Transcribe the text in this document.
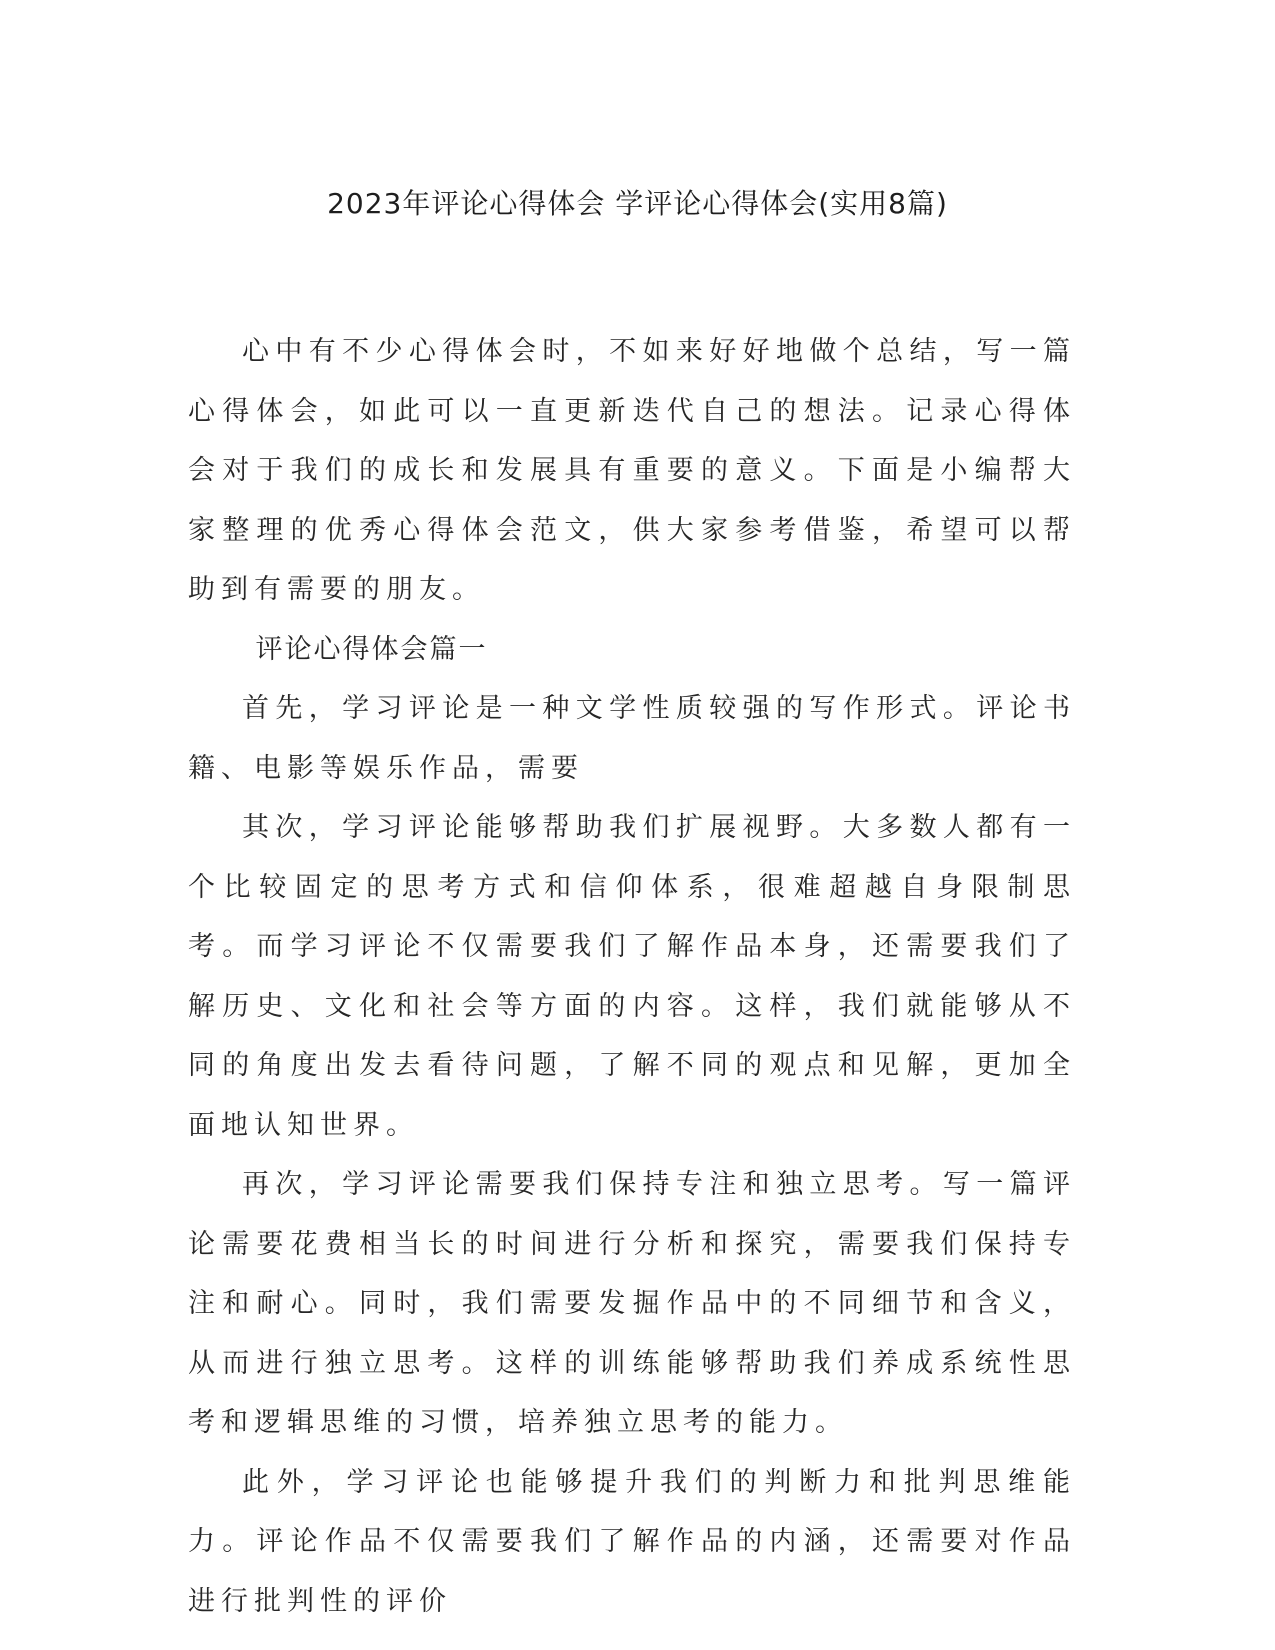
2023年评论心得体会 学评论心得体会(实用8篇)

心中有不少心得体会时，不如来好好地做个总结，写一篇心得体会，如此可以一直更新迭代自己的想法。记录心得体会对于我们的成长和发展具有重要的意义。下面是小编帮大家整理的优秀心得体会范文，供大家参考借鉴，希望可以帮助到有需要的朋友。

评论心得体会篇一

首先，学习评论是一种文学性质较强的写作形式。评论书籍、电影等娱乐作品，需要

其次，学习评论能够帮助我们扩展视野。大多数人都有一个比较固定的思考方式和信仰体系，很难超越自身限制思考。而学习评论不仅需要我们了解作品本身，还需要我们了解历史、文化和社会等方面的内容。这样，我们就能够从不同的角度出发去看待问题，了解不同的观点和见解，更加全面地认知世界。

再次，学习评论需要我们保持专注和独立思考。写一篇评论需要花费相当长的时间进行分析和探究，需要我们保持专注和耐心。同时，我们需要发掘作品中的不同细节和含义，从而进行独立思考。这样的训练能够帮助我们养成系统性思考和逻辑思维的习惯，培养独立思考的能力。

此外，学习评论也能够提升我们的判断力和批判思维能力。评论作品不仅需要我们了解作品的内涵，还需要对作品进行批判性的评价
